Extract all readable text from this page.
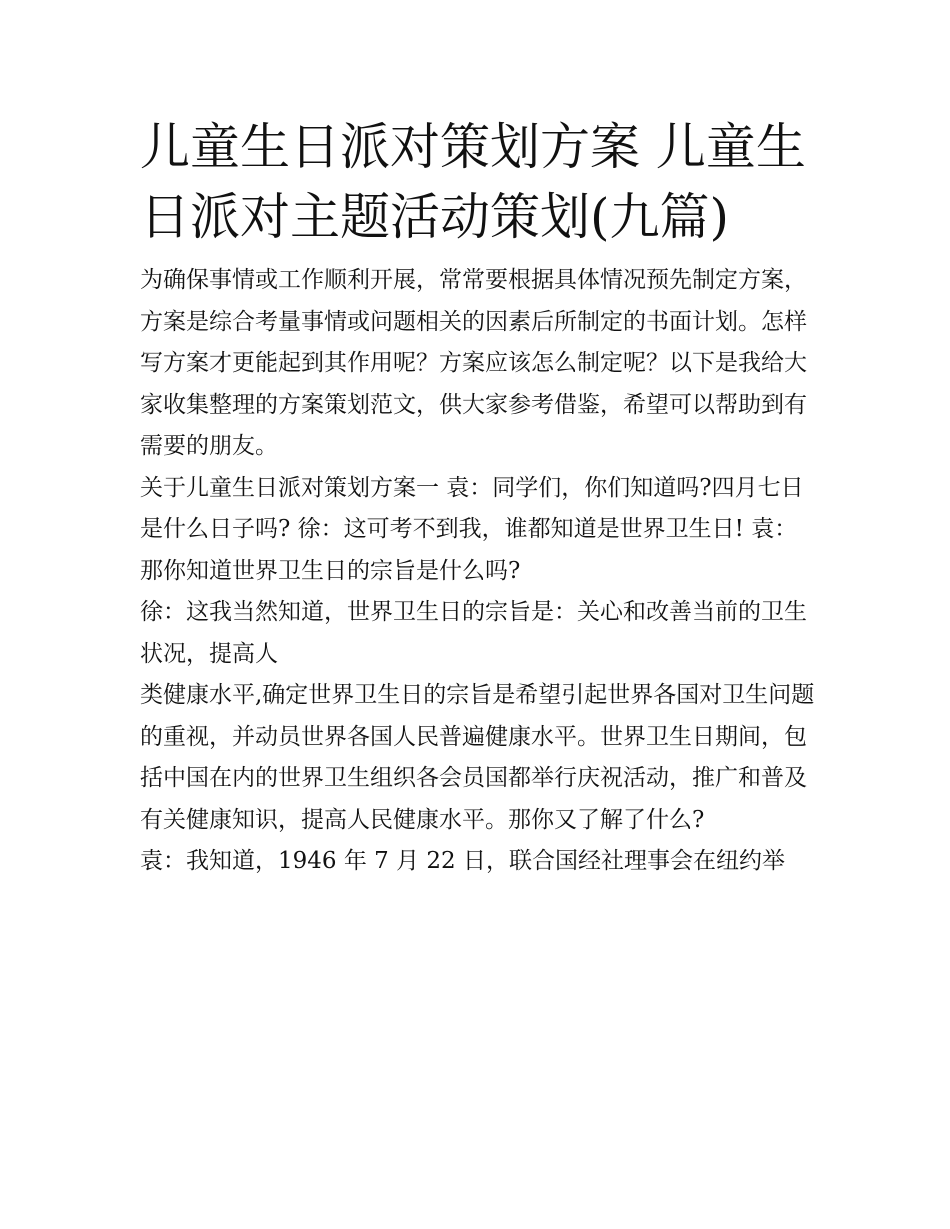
儿童生日派对策划方案 儿童生日派对主题活动策划(九篇)

为确保事情或工作顺利开展，常常要根据具体情况预先制定方案，方案是综合考量事情或问题相关的因素后所制定的书面计划。怎样写方案才更能起到其作用呢？方案应该怎么制定呢？以下是我给大家收集整理的方案策划范文，供大家参考借鉴，希望可以帮助到有需要的朋友。

关于儿童生日派对策划方案一 袁：同学们，你们知道吗?四月七日是什么日子吗? 徐：这可考不到我，谁都知道是世界卫生日! 袁：那你知道世界卫生日的宗旨是什么吗?

徐：这我当然知道，世界卫生日的宗旨是：关心和改善当前的卫生状况，提高人

类健康水平,确定世界卫生日的宗旨是希望引起世界各国对卫生问题的重视，并动员世界各国人民普遍健康水平。世界卫生日期间，包括中国在内的世界卫生组织各会员国都举行庆祝活动，推广和普及有关健康知识，提高人民健康水平。那你又了解了什么?

袁：我知道，1946 年 7 月 22 日，联合国经社理事会在纽约举
